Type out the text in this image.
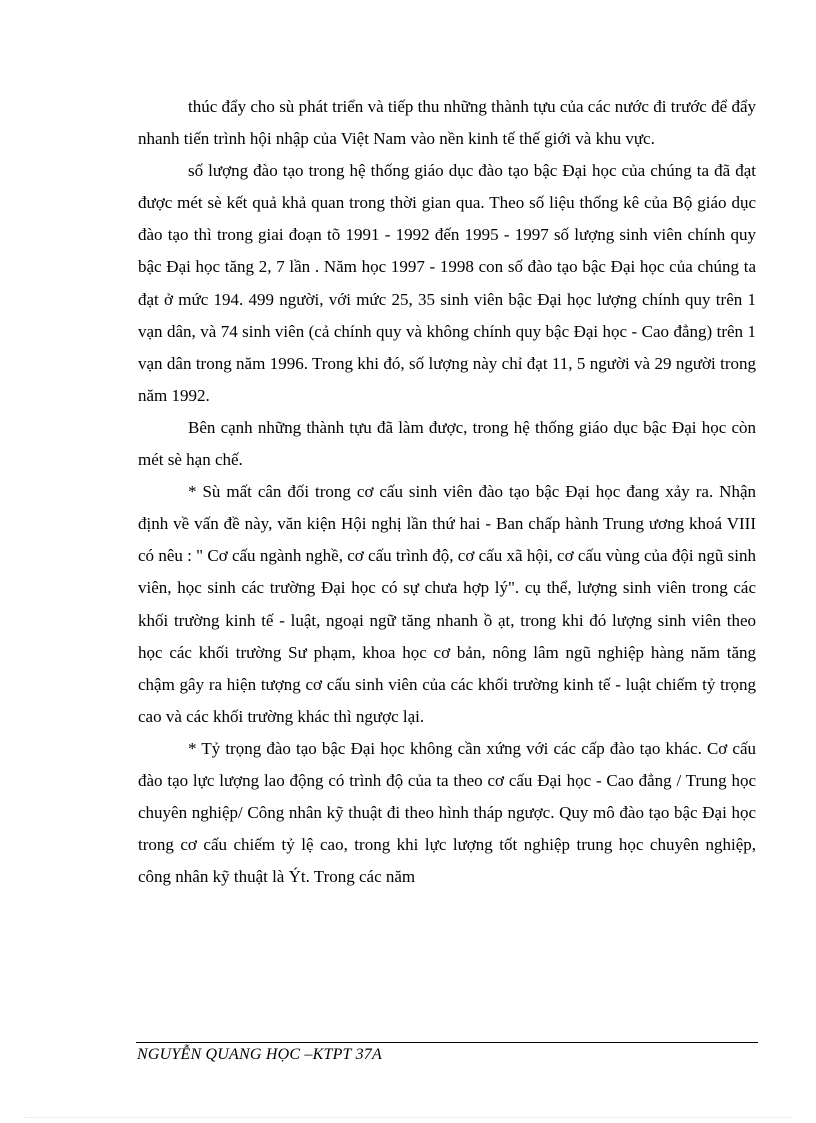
thúc đẩy cho sù phát triển và tiếp thu những thành tựu của các nước đi trước để đẩy nhanh tiến trình hội nhập của Việt Nam vào nền kinh tế thế giới và khu vực.

số lượng đào tạo trong hệ thống giáo dục đào tạo bậc Đại học của chúng ta đã đạt được mét sè kết quả khả quan trong thời gian qua. Theo số liệu thống kê của Bộ giáo dục đào tạo thì trong giai đoạn tõ 1991 - 1992 đến 1995 - 1997 số lượng sinh viên chính quy bậc Đại học tăng 2, 7 lần . Năm học 1997 - 1998 con số đào tạo bậc Đại học của chúng ta đạt ở mức 194. 499 người, với mức 25, 35 sinh viên bậc Đại học lượng chính quy trên 1 vạn dân, và 74 sinh viên (cả chính quy và không chính quy bậc Đại học - Cao đẳng) trên 1 vạn dân trong năm 1996. Trong khi đó, số lượng này chỉ đạt 11, 5 người và 29 người trong năm 1992.

Bên cạnh những thành tựu đã làm được, trong hệ thống giáo dục bậc Đại học còn mét sè hạn chế.

* Sù mất cân đối trong cơ cấu sinh viên đào tạo bậc Đại học đang xảy ra. Nhận định về vấn đề này, văn kiện Hội nghị lần thứ hai - Ban chấp hành Trung ương khoá VIII có nêu : " Cơ cấu ngành nghề, cơ cấu trình độ, cơ cấu xã hội, cơ cấu vùng của đội ngũ sinh viên, học sinh các trường Đại học có sự chưa hợp lý". cụ thể, lượng sinh viên trong các khối trường kinh tế - luật, ngoại ngữ tăng nhanh ồ ạt, trong khi đó lượng sinh viên theo học các khối trường Sư phạm, khoa học cơ bản, nông lâm ngũ nghiệp hàng năm tăng chậm gây ra hiện tượng cơ cấu sinh viên của các khối trường kinh tế - luật chiếm tỷ trọng cao và các khối trường khác thì ngược lại.

* Tỷ trọng đào tạo bậc Đại học không cần xứng với các cấp đào tạo khác. Cơ cấu đào tạo lực lượng lao động có trình độ của ta theo cơ cấu Đại học - Cao đẳng / Trung học chuyên nghiệp/ Công nhân kỹ thuật đi theo hình tháp ngược. Quy mô đào tạo bậc Đại học trong cơ cấu chiếm tỷ lệ cao, trong khi lực lượng tốt nghiệp trung học chuyên nghiệp, công nhân kỹ thuật là Ýt. Trong các năm

NGUYỄN QUANG HỌC –KTPT 37A
